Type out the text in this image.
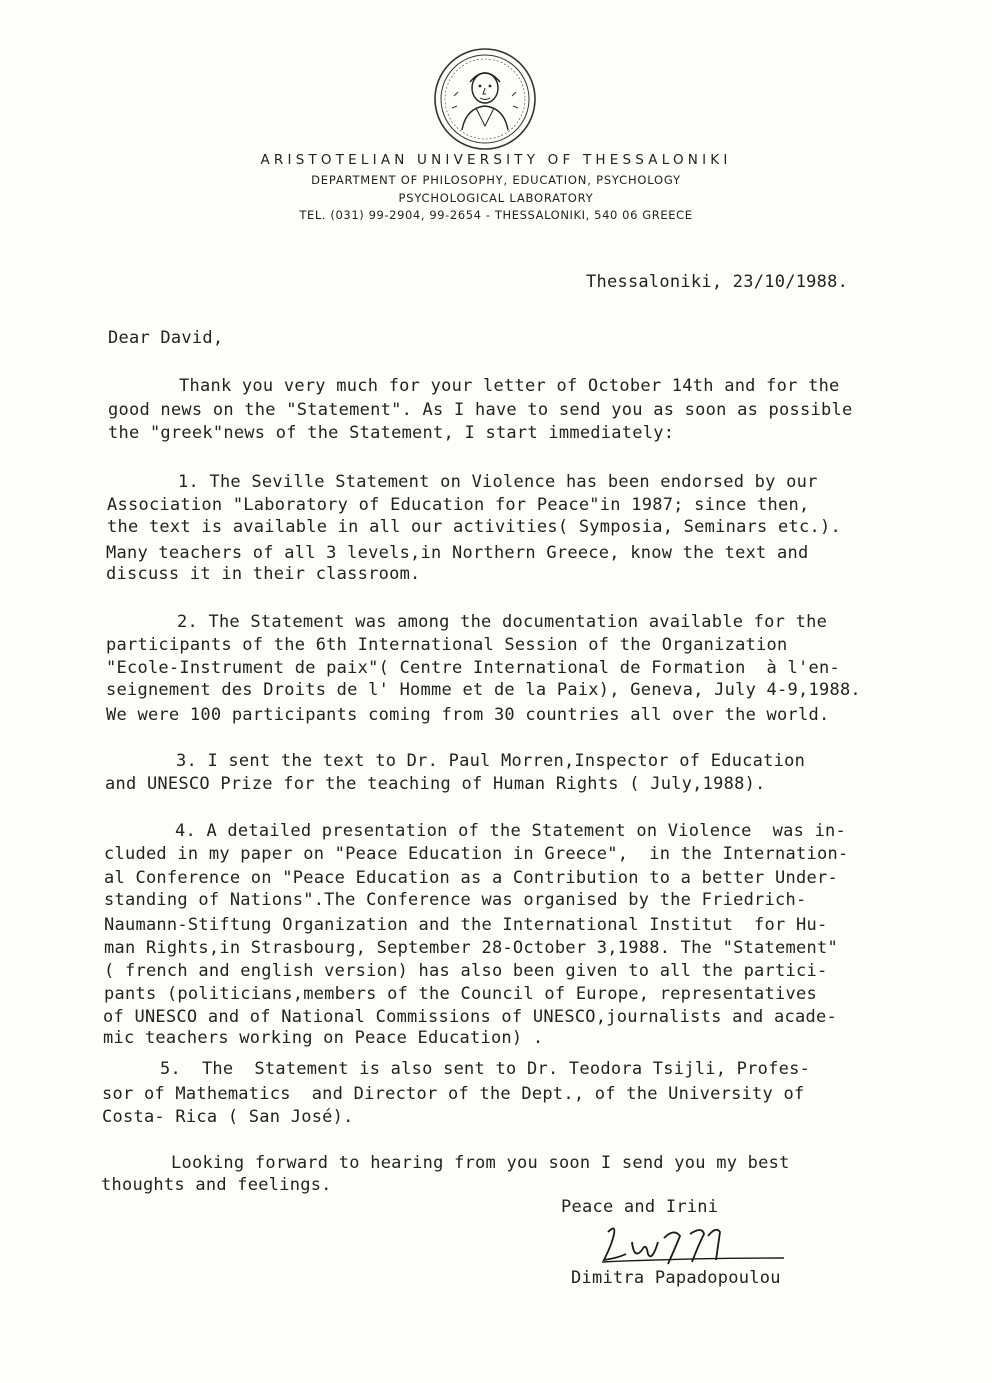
ARISTOTELIAN UNIVERSITY OF THESSALONIKI
DEPARTMENT OF PHILOSOPHY, EDUCATION, PSYCHOLOGY
PSYCHOLOGICAL LABORATORY
TEL. (031) 99-2904, 99-2654 - THESSALONIKI, 540 06 GREECE
Thessaloniki, 23/10/1988.
Dear David,
Thank you very much for your letter of October 14th and for the
good news on the "Statement". As I have to send you as soon as possible
the "greek"news of the Statement, I start immediately:
1. The Seville Statement on Violence has been endorsed by our
Association "Laboratory of Education for Peace"in 1987; since then,
the text is available in all our activities( Symposia, Seminars etc.).
Many teachers of all 3 levels,in Northern Greece, know the text and
discuss it in their classroom.
2. The Statement was among the documentation available for the
participants of the 6th International Session of the Organization
"Ecole-Instrument de paix"( Centre International de Formation  à l'en-
seignement des Droits de l' Homme et de la Paix), Geneva, July 4-9,1988.
We were 100 participants coming from 30 countries all over the world.
3. I sent the text to Dr. Paul Morren,Inspector of Education
and UNESCO Prize for the teaching of Human Rights ( July,1988).
4. A detailed presentation of the Statement on Violence  was in-
cluded in my paper on "Peace Education in Greece",  in the Internation-
al Conference on "Peace Education as a Contribution to a better Under-
standing of Nations".The Conference was organised by the Friedrich-
Naumann-Stiftung Organization and the International Institut  for Hu-
man Rights,in Strasbourg, September 28-October 3,1988. The "Statement"
( french and english version) has also been given to all the partici-
pants (politicians,members of the Council of Europe, representatives
of UNESCO and of National Commissions of UNESCO,journalists and acade-
mic teachers working on Peace Education) .
5.  The  Statement is also sent to Dr. Teodora Tsijli, Profes-
sor of Mathematics  and Director of the Dept., of the University of
Costa- Rica ( San José).
Looking forward to hearing from you soon I send you my best
thoughts and feelings.
Peace and Irini
Dimitra Papadopoulou
